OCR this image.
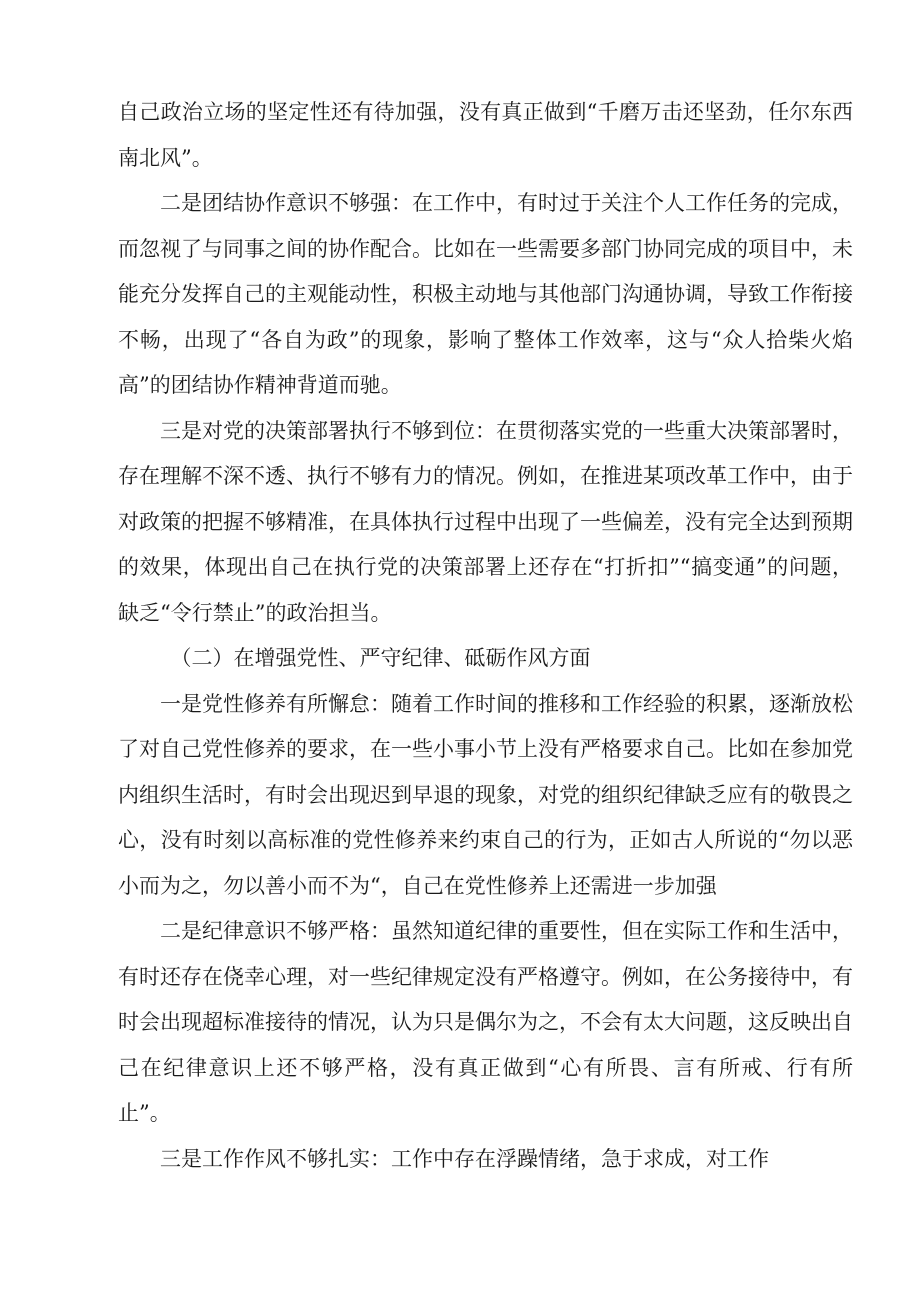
自己政治立场的坚定性还有待加强，没有真正做到“千磨万击还坚劲，任尔东西南北风”。

二是团结协作意识不够强：在工作中，有时过于关注个人工作任务的完成，而忽视了与同事之间的协作配合。比如在一些需要多部门协同完成的项目中，未能充分发挥自己的主观能动性，积极主动地与其他部门沟通协调，导致工作衔接不畅，出现了“各自为政”的现象，影响了整体工作效率，这与“众人拾柴火焰高”的团结协作精神背道而驰。

三是对党的决策部署执行不够到位：在贯彻落实党的一些重大决策部署时，存在理解不深不透、执行不够有力的情况。例如，在推进某项改革工作中，由于对政策的把握不够精准，在具体执行过程中出现了一些偏差，没有完全达到预期的效果，体现出自己在执行党的决策部署上还存在“打折扣”“搞变通”的问题，缺乏“令行禁止”的政治担当。

（二）在增强党性、严守纪律、砥砺作风方面

一是党性修养有所懈怠：随着工作时间的推移和工作经验的积累，逐渐放松了对自己党性修养的要求，在一些小事小节上没有严格要求自己。比如在参加党内组织生活时，有时会出现迟到早退的现象，对党的组织纪律缺乏应有的敬畏之心，没有时刻以高标准的党性修养来约束自己的行为，正如古人所说的“勿以恶小而为之，勿以善小而不为“，自己在党性修养上还需进一步加强

二是纪律意识不够严格：虽然知道纪律的重要性，但在实际工作和生活中，有时还存在侥幸心理，对一些纪律规定没有严格遵守。例如，在公务接待中，有时会出现超标准接待的情况，认为只是偶尔为之，不会有太大问题，这反映出自己在纪律意识上还不够严格，没有真正做到“心有所畏、言有所戒、行有所止”。

三是工作作风不够扎实：工作中存在浮躁情绪，急于求成，对工作
